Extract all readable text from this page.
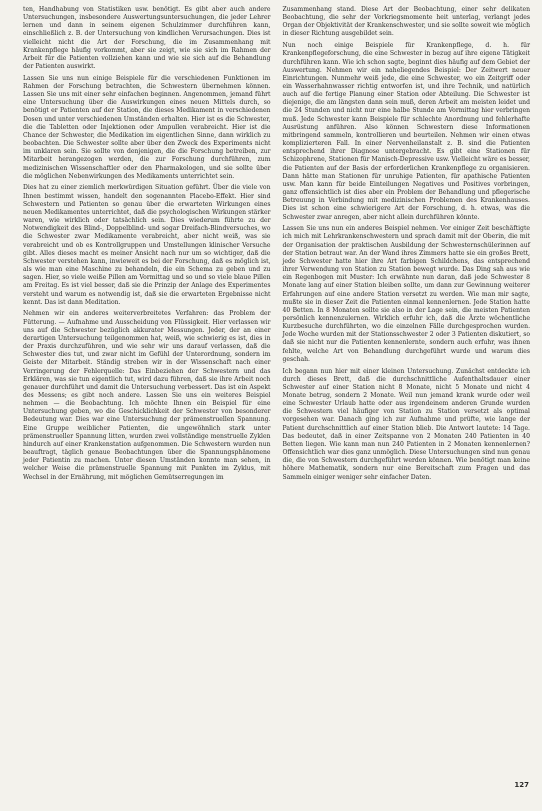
ten, Handhabung von Statistiken usw. benötigt. Es gibt aber auch andere Untersuchungen, insbesondere Auswertungsuntersuchungen, die jeder Lehrer lernen und dann in seinem eigenen Schulzimmer durchführen kann, einschließlich z. B. der Untersuchung von kindlichen Verursachungen. Dies ist vielleicht nicht die Art der Forschung, die im Zusammenhang mit Krankenpflege häufig vorkommt, aber sie zeigt, wie sie sich im Rahmen der Arbeit für die Patienten vollziehen kann und wie sie sich auf die Behandlung der Patienten auswirkt.

Lassen Sie uns nun einige Beispiele für die verschiedenen Funktionen im Rahmen der Forschung betrachten, die Schwestern übernehmen können. Lassen Sie uns mit einer sehr einfachen beginnen. Angenommen, jemand führt eine Untersuchung über die Auswirkungen eines neuen Mittels durch, so benötigt er Patienten auf der Station, die dieses Medikament in verschiedenen Dosen und unter verschiedenen Umständen erhalten. Hier ist es die Schwester, die die Tabletten oder Injektionen oder Ampullen verabreicht. Hier ist die Chance der Schwester, die Medikation im eigentlichen Sinne, dann wirklich zu beobachten. Die Schwester sollte aber über den Zweck des Experiments nicht im unklaren sein. Sie sollte von denjenigen, die die Forschung betreiben, zur Mitarbeit herangezogen werden, die zur Forschung durchführen, zum medizinischen Wissenschaftler oder den Pharmakologen, und sie sollte über die möglichen Nebenwirkungen des Medikaments unterrichtet sein.

Dies hat zu einer ziemlich merkwürdigen Situation geführt. Über die viele von Ihnen bestimmt wissen, handelt den sogenannten Placebo-Effekt. Hier sind Schwestern und Patienten so genau über die erwarteten Wirkungen eines neuen Medikamentes unterrichtet, daß die psychologischen Wirkungen stärker waren, wie wirklich oder tatsächlich sein. Dies wiederum führte zu der Notwendigkeit des Blind-, Doppelblind- und sogar Dreifach-Blindversuches, wo die Schwester zwar Medikamente verabreicht, aber nicht weiß, was sie verabreicht und ob es Kontrollgruppen und Umstellungen klinischer Versuche gibt. Alles dieses macht es meiner Ansicht nach nur um so wichtiger, daß die Schwester verstehen kann, inwieweit es bei der Forschung, daß es möglich ist, als wie man eine Maschine zu behandeln, die ein Schema zu geben und zu sagen. Hier, so viele weiße Pillen am Vormittag und so und so viele blaue Pillen am Freitag. Es ist viel besser, daß sie die Prinzip der Anlage des Experimentes versteht und warum es notwendig ist, daß sie die erwarteten Ergebnisse nicht kennt. Das ist dann Meditation.

Nehmen wir ein anderes weiterverbreitetes Verfahren: das Problem der Fütterung. — Aufnahme und Ausscheidung von Flüssigkeit. Hier verlassen wir uns auf die Schwester bezüglich akkurater Messungen. Jeder, der an einer derartigen Untersuchung teilgenommen hat, weiß, wie schwierig es ist, dies in der Praxis durchzuführen, und wie sehr wir uns darauf verlassen, daß die Schwester dies tut, und zwar nicht im Gefühl der Unterordnung, sondern im Geiste der Mitarbeit. Ständig streben wir in der Wissenschaft nach einer Verringerung der Fehlerquelle: Das Einbeziehen der Schwestern und das Erklären, was sie tun eigentlich tut, wird dazu führen, daß sie ihre Arbeit noch genauer durchführt und damit die Untersuchung verbessert. Das ist ein Aspekt des Messens; es gibt noch andere. Lassen Sie uns ein weiteres Beispiel nehmen — die Beobachtung. Ich möchte Ihnen ein Beispiel für eine Untersuchung geben, wo die Geschicklichkeit der Schwester von besonderer Bedeutung war. Dies war eine Untersuchung der prämenstruellen Spannung. Eine Gruppe weiblicher Patienten, die ungewöhnlich stark unter prämenstrueller Spannung litten, wurden zwei vollständige menstruelle Zyklen hindurch auf einer Krankenstation aufgenommen. Die Schwestern wurden nun beauftragt, täglich genaue Beobachtungen über die Spannungsphänomene jeder Patientin zu machen. Unter diesen Umständen konnte man sehen, in welcher Weise die prämenstruelle Spannung mit Punkten im Zyklus, mit Wechsel in der Ernährung, mit möglichen Gemütserregungen im

Zusammenhang stand. Diese Art der Beobachtung, einer sehr delikaten Beobachtung, die sehr der Vorkriegsmomente heit unterlag, verlangt jedes Organ der Objektivität der Krankenschwester, und sie sollte soweit wie möglich in dieser Richtung ausgebildet sein.

Nun noch einige Beispiele für Krankenpflege, d. h. für Krankenpflegeforschung, die eine Schwester in bezug auf ihre eigene Tätigkeit durchführen kann. Wie ich schon sagte, beginnt dies häufig auf dem Gebiet der Auswertung. Nehmen wir ein naheliegendes Beispiel: Der Zeitwert neuer Einrichtungen. Nunmehr weiß jede, die eine Schwester, wo ein Zeitgriff oder ein Wasserhahnwasser richtig entworfen ist, und ihre Technik, und natürlich auch auf die fertige Planung einer Station oder Abteilung. Die Schwester ist diejenige, die am längsten dann sein muß, deren Arbeit am meisten leidet und die 24 Stunden und nicht nur eine halbe Stunde am Vormittag hier verbringen muß. Jede Schwester kann Beispiele für schlechte Anordnung und fehlerhafte Ausrüstung anführen. Also können Schwestern diese Informationen mitbringend sammeln, kontrollieren und beurteilen. Nehmen wir einen etwas komplizierteren Fall. In einer Nervenheilanstalt z. B. sind die Patienten entsprechend ihrer Diagnose untergebracht. Es gibt eine Stationen für Schizophrene, Stationen für Manisch-Depressive usw. Vielleicht wäre es besser, die Patienten auf der Basis der erforderlichen Krankenpflege zu organisieren. Dann hätte man Stationen für unruhige Patienten, für apathische Patienten usw. Man kann für beide Einteilungen Negatives und Positives vorbringen, ganz offensichtlich ist dies aber ein Problem der Behandlung und pflegerische Betreuung in Verbindung mit medizinischen Problemen des Krankenhauses. Dies ist schon eine schwierigere Art der Forschung, d. h. etwas, was die Schwester zwar anregen, aber nicht allein durchführen könnte.

Lassen Sie uns nun ein anderes Beispiel nehmen. Vor einiger Zeit beschäftigte ich mich mit Lehrkrankenschwestern und sprach damit mit der Oberin, die mit der Organisation der praktischen Ausbildung der Schwesternschülerinnen auf der Station betraut war. An der Wand ihres Zimmers hatte sie ein großes Brett, jede Schwester hatte hier ihre Art farbigen Schildchens, das entsprechend ihrer Verwendung von Station zu Station bewegt wurde. Das Ding sah aus wie ein Regenbogen mit Muster: Ich erwähnte nun daran, daß jede Schwester 8 Monate lang auf einer Station bleiben sollte, um dann zur Gewinnung weiterer Erfahrungen auf eine andere Station versetzt zu werden. Wie man mir sagte, mußte sie in dieser Zeit die Patienten einmal kennenlernen. Jede Station hatte 40 Betten. In 8 Monaten sollte sie also in der Lage sein, die meisten Patienten persönlich kennenzulernen. Wirklich erfuhr ich, daß die Ärzte wöchentliche Kurzbesuche durchführten, wo die einzelnen Fälle durchgesprochen wurden. Jede Woche wurden mit der Stationsschwester 2 oder 3 Patienten diskutiert, so daß sie nicht nur die Patienten kennenlernte, sondern auch erfuhr, was ihnen fehlte, welche Art von Behandlung durchgeführt wurde und warum dies geschah.

Ich begann nun hier mit einer kleinen Untersuchung. Zunächst entdeckte ich durch dieses Brett, daß die durchschnittliche Aufenthaltsdauer einer Schwester auf einer Station nicht 8 Monate, nicht 5 Monate und nicht 4 Monate betrug, sondern 2 Monate. Weil nun jemand krank wurde oder weil eine Schwester Urlaub hatte oder aus irgendeinem anderen Grunde wurden die Schwestern viel häufiger von Station zu Station versetzt als optimal vorgesehen war. Danach ging ich zur Aufnahme und prüfte, wie lange der Patient durchschnittlich auf einer Station blieb. Die Antwort lautete: 14 Tage. Das bedeutet, daß in einer Zeitspanne von 2 Monaten 240 Patienten in 40 Betten liegen. Wie kann man nun 240 Patienten in 2 Monaten kennenlernen? Offensichtlich war dies ganz unmöglich. Diese Untersuchungen sind nun genau die, die von Schwestern durchgeführt werden können. Wie benötigt man keine höhere Mathematik, sondern nur eine Bereitschaft zum Fragen und das Sammeln einiger weniger sehr einfacher Daten.

127
